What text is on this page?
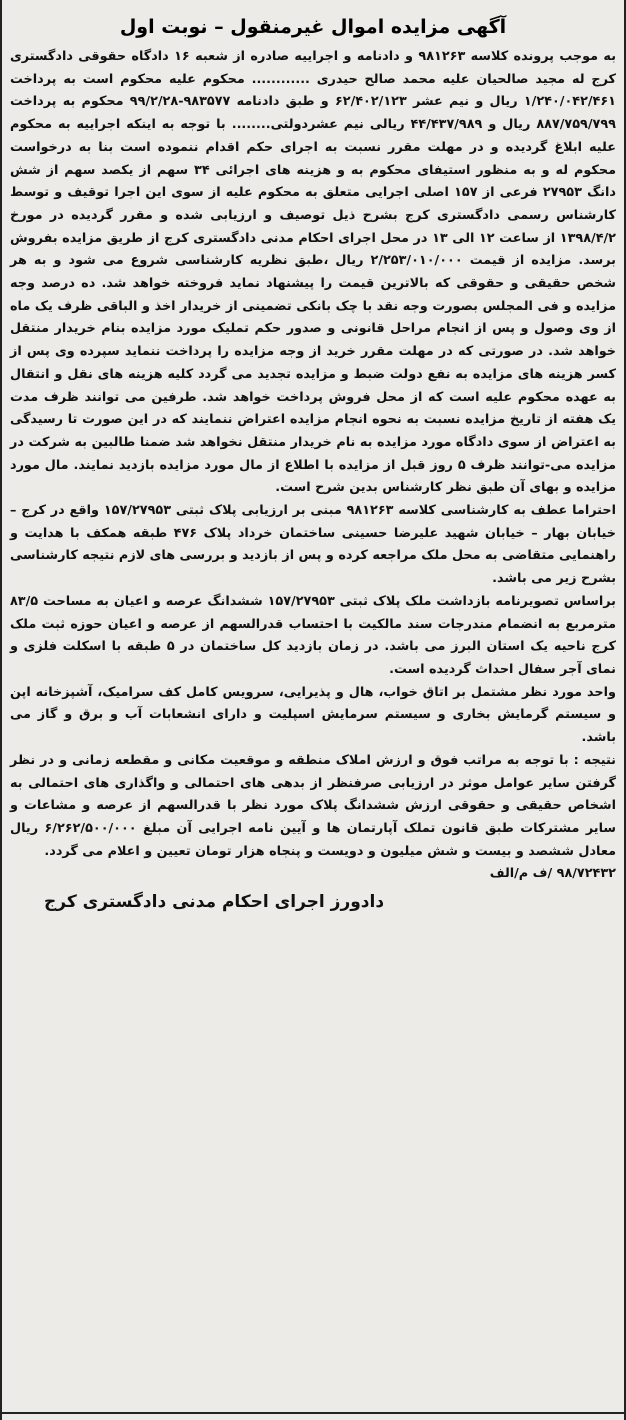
آگهی مزایده اموال غیرمنقول – نوبت اول

به موجب پرونده کلاسه ۹۸۱۲۶۳ و دادنامه و اجراییه صادره از شعبه ۱۶ دادگاه حقوقی دادگستری کرج له مجید صالحیان علیه محمد صالح حیدری ............ محکوم علیه محکوم است به پرداخت ۱/۲۴۰/۰۴۲/۴۶۱ ریال و نیم عشر ۶۲/۴۰۲/۱۲۳ و طبق دادنامه ۹۸۳۵۷۷-۹۹/۲/۲۸ محکوم به پرداخت ۸۸۷/۷۵۹/۷۹۹ ریال و ۴۴/۴۳۷/۹۸۹ ریالی نیم عشردولتی........ با توجه به اینکه اجراییه به محکوم علیه ابلاغ گردیده و در مهلت مقرر نسبت به اجرای حکم اقدام ننموده است بنا به درخواست محکوم له و به منظور استیفای محکوم به و هزینه های اجرائی ۳۴ سهم از یکصد سهم از شش دانگ ۲۷۹۵۳ فرعی از ۱۵۷ اصلی اجرایی متعلق به محکوم علیه از سوی این اجرا توقیف و توسط کارشناس رسمی دادگستری کرج بشرح ذیل توصیف و ارزیابی شده و مقرر گردیده در مورخ ۱۳۹۸/۴/۲ از ساعت ۱۲ الی ۱۳ در محل اجرای احکام مدنی دادگستری کرج از طریق مزایده بفروش برسد. مزایده از قیمت ۲/۲۵۳/۰۱۰/۰۰۰ ریال ،طبق نظریه کارشناسی شروع می شود و به هر شخص حقیقی و حقوقی که بالاترین قیمت را پیشنهاد نماید فروخته خواهد شد. ده درصد وجه مزایده و فی المجلس بصورت وجه نقد با چک بانکی تضمینی از خریدار اخذ و الباقی ظرف یک ماه از وی وصول و پس از انجام مراحل قانونی و صدور حکم تملیک مورد مزایده بنام خریدار منتقل خواهد شد. در صورتی که در مهلت مقرر خرید از وجه مزایده را پرداخت ننماید سپرده وی پس از کسر هزینه های مزایده به نفع دولت ضبط و مزایده تجدید می گردد کلیه هزینه های نقل و انتقال به عهده محکوم علیه است که از محل فروش پرداخت خواهد شد. طرفین می توانند ظرف مدت یک هفته از تاریخ مزایده نسبت به نحوه انجام مزایده اعتراض ننمایند که در این صورت تا رسیدگی به اعتراض از سوی دادگاه مورد مزایده به نام خریدار منتقل نخواهد شد ضمنا طالبین به شرکت در مزایده می-توانند ظرف ۵ روز قبل از مزایده با اطلاع از مال مورد مزایده بازدید نمایند. مال مورد مزایده و بهای آن طبق نظر کارشناس بدین شرح است.

احتراما عطف به کارشناسی کلاسه ۹۸۱۲۶۳ مبنی بر ارزیابی پلاک ثبتی ۱۵۷/۲۷۹۵۳ واقع در کرج – خیابان بهار – خیابان شهید علیرضا حسینی ساختمان خرداد پلاک ۴۷۶ طبقه همکف با هدایت و راهنمایی متقاضی به محل ملک مراجعه کرده و پس از بازدید و بررسی های لازم نتیجه کارشناسی بشرح زیر می باشد.

براساس تصویرنامه بازداشت ملک پلاک ثبتی ۱۵۷/۲۷۹۵۳ ششدانگ عرصه و اعیان به مساحت ۸۳/۵ مترمربع به انضمام مندرجات سند مالکیت با احتساب قدرالسهم از عرصه و اعیان حوزه ثبت ملک کرج ناحیه یک استان البرز می باشد. در زمان بازدید کل ساختمان در ۵ طبقه با اسکلت فلزی و نمای آجر سفال احداث گردیده است.

واحد مورد نظر مشتمل بر اتاق خواب، هال و پذیرایی، سرویس کامل کف سرامیک، آشپزخانه اپن و سیستم گرمایش بخاری و سیستم سرمایش اسپلیت و دارای انشعابات آب و برق و گاز می باشد.

نتیجه : با توجه به مراتب فوق و ارزش املاک منطقه و موقعیت مکانی و مقطعه زمانی و در نظر گرفتن سایر عوامل موثر در ارزیابی صرفنظر از بدهی های احتمالی و واگذاری های احتمالی به اشخاص حقیقی و حقوقی ارزش ششدانگ پلاک مورد نظر با قدرالسهم از عرصه و مشاعات و سایر مشترکات طبق قانون تملک آپارتمان ها و آیین نامه اجرایی آن مبلغ ۶/۲۶۲/۵۰۰/۰۰۰ ریال معادل ششصد و بیست و شش میلیون و دویست و پنجاه هزار تومان تعیین و اعلام می گردد.

۹۸/۷۲۴۳۲ /ف م/الف

دادورز اجرای احکام مدنی دادگستری کرج
